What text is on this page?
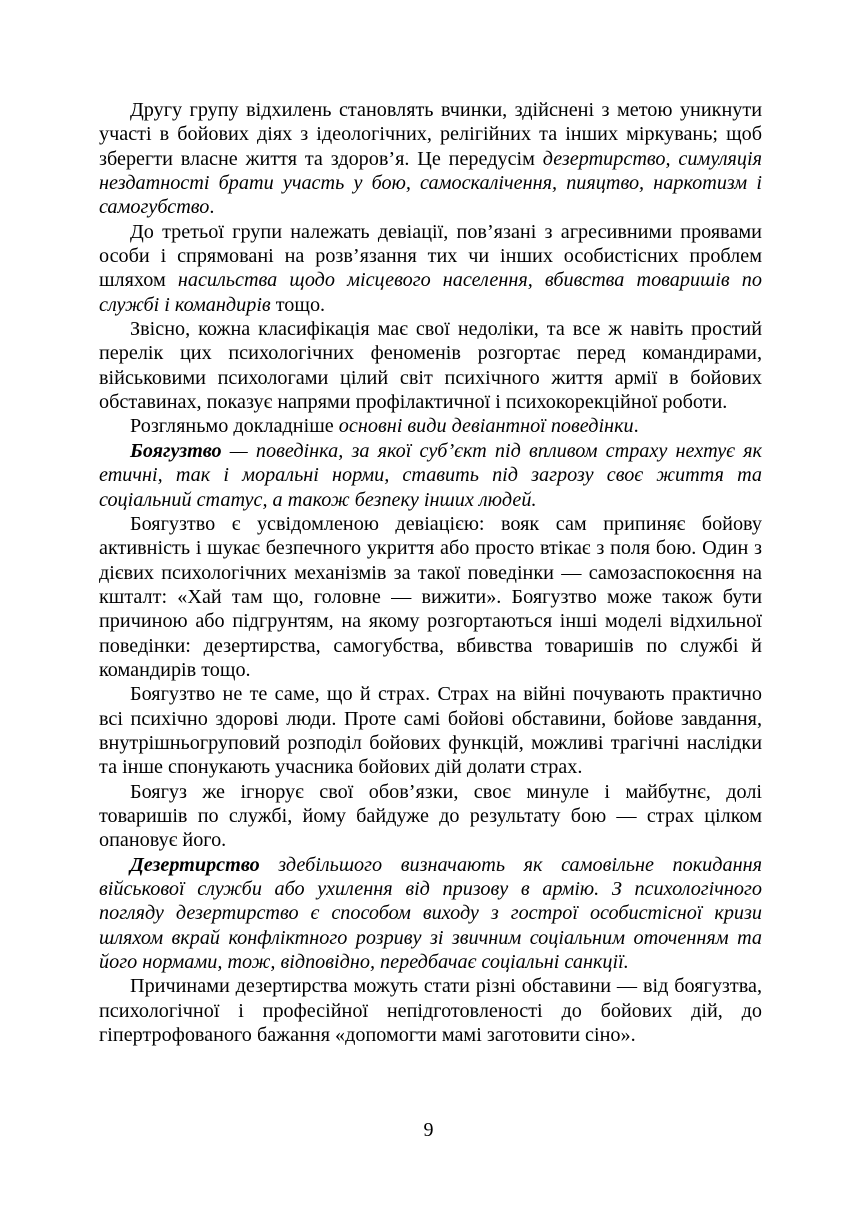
Другу групу відхилень становлять вчинки, здійснені з метою уникнути участі в бойових діях з ідеологічних, релігійних та інших міркувань; щоб зберегти власне життя та здоров’я. Це передусім дезертирство, симуляція нездатності брати участь у бою, самоскалічення, пияцтво, наркотизм і самогубство.

До третьої групи належать девіації, пов’язані з агресивними проявами особи і спрямовані на розв’язання тих чи інших особистісних проблем шляхом насильства щодо місцевого населення, вбивства товаришів по службі і командирів тощо.

Звісно, кожна класифікація має свої недоліки, та все ж навіть простий перелік цих психологічних феноменів розгортає перед командирами, військовими психологами цілий світ психічного життя армії в бойових обставинах, показує напрями профілактичної і психокорекційної роботи.

Розгляньмо докладніше основні види девіантної поведінки.

Боягузтво — поведінка, за якої суб’єкт під впливом страху нехтує як етичні, так і моральні норми, ставить під загрозу своє життя та соціальний статус, а також безпеку інших людей.

Боягузтво є усвідомленою девіацією: вояк сам припиняє бойову активність і шукає безпечного укриття або просто втікає з поля бою. Один з дієвих психологічних механізмів за такої поведінки — самозаспокоєння на кшталт: «Хай там що, головне — вижити». Боягузтво може також бути причиною або підгрунтям, на якому розгортаються інші моделі відхильної поведінки: дезертирства, самогубства, вбивства товаришів по службі й командирів тощо.

Боягузтво не те саме, що й страх. Страх на війні почувають практично всі психічно здорові люди. Проте самі бойові обставини, бойове завдання, внутрішньогруповий розподіл бойових функцій, можливі трагічні наслідки та інше спонукають учасника бойових дій долати страх.

Боягуз же ігнорує свої обов’язки, своє минуле і майбутнє, долі товаришів по службі, йому байдуже до результату бою — страх цілком опановує його.

Дезертирство здебільшого визначають як самовільне покидання військової служби або ухилення від призову в армію. З психологічного погляду дезертирство є способом виходу з гострої особистісної кризи шляхом вкрай конфліктного розриву зі звичним соціальним оточенням та його нормами, тож, відповідно, передбачає соціальні санкції.

Причинами дезертирства можуть стати різні обставини — від боягузтва, психологічної і професійної непідготовленості до бойових дій, до гіпертрофованого бажання «допомогти мамі заготовити сіно».

9
